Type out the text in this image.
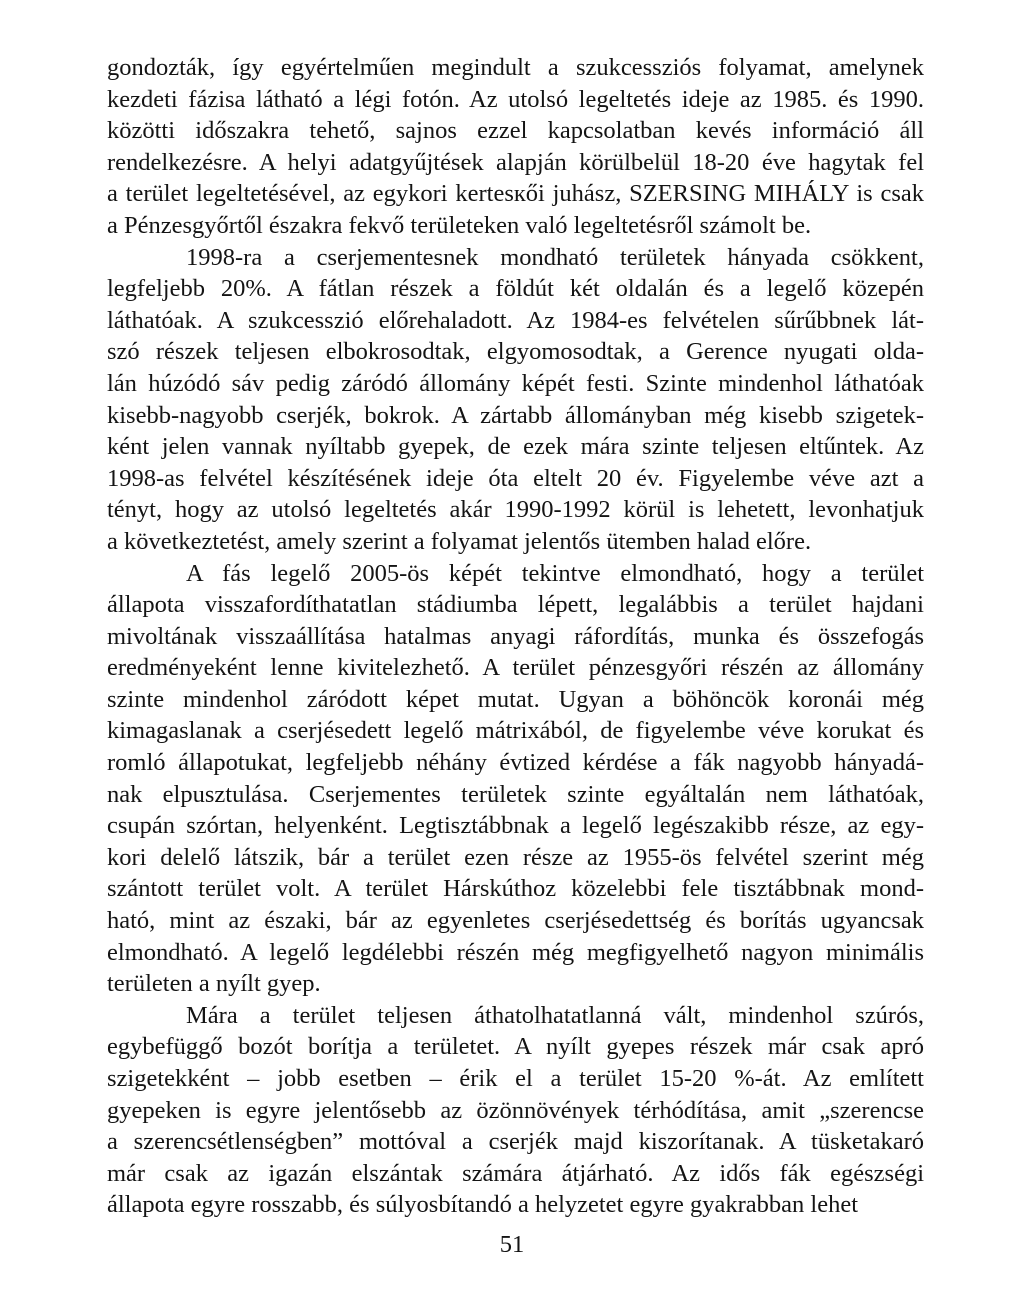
gondozták, így egyértelműen megindult a szukcessziós folyamat, amelynek
kezdeti fázisa látható a légi fotón. Az utolsó legeltetés ideje az 1985. és 1990.
közötti időszakra tehető, sajnos ezzel kapcsolatban kevés információ áll
rendelkezésre. A helyi adatgyűjtések alapján körülbelül 18-20 éve hagytak fel
a terület legeltetésével, az egykori kertesкői juhász, SZERSING MIHÁLY is csak
a Pénzesgyőrtől északra fekvő területeken való legeltetésről számolt be.

1998-ra a cserjementesnek mondható területek hányada csökkent,
legfeljebb 20%. A fátlan részek a földút két oldalán és a legelő közepén
láthatóak. A szukcesszió előrehaladott. Az 1984-es felvételen sűrűbbnek lát-
szó részek teljesen elbokrosodtak, elgyomosodtak, a Gerence nyugati olda-
lán húzódó sáv pedig záródó állomány képét festi. Szinte mindenhol láthatóak
kisebb-nagyobb cserjék, bokrok. A zártabb állományban még kisebb szigetek-
ként jelen vannak nyíltabb gyepek, de ezek mára szinte teljesen eltűntek. Az
1998-as felvétel készítésének ideje óta eltelt 20 év. Figyelembe véve azt a
tényt, hogy az utolsó legeltetés akár 1990-1992 körül is lehetett, levonhatjuk
a következtetést, amely szerint a folyamat jelentős ütemben halad előre.

A fás legelő 2005-ös képét tekintve elmondható, hogy a terület
állapota visszafordíthatatlan stádiumba lépett, legalábbis a terület hajdani
mivoltának visszaállítása hatalmas anyagi ráfordítás, munka és összefogás
eredményeként lenne kivitelezhető. A terület pénzesgyőri részén az állomány
szinte mindenhol záródott képet mutat. Ugyan a böhöncök koronái még
kimagaslanak a cserjésedett legelő mátrixából, de figyelembe véve korukat és
romló állapotukat, legfeljebb néhány évtized kérdése a fák nagyobb hányadá-
nak elpusztulása. Cserjementes területek szinte egyáltalán nem láthatóak,
csupán szórtan, helyenként. Legtisztábbnak a legelő legészakibb része, az egy-
kori delelő látszik, bár a terület ezen része az 1955-ös felvétel szerint még
szántott terület volt. A terület Hárskúthoz közelebbi fele tisztábbnak mond-
ható, mint az északi, bár az egyenletes cserjésedettség és borítás ugyancsak
elmondható. A legelő legdélebbi részén még megfigyelhető nagyon minimális
területen a nyílt gyep.

Mára a terület teljesen áthatolhatatlanná vált, mindenhol szúrós,
egybefüggő bozót borítja a területet. A nyílt gyepes részek már csak apró
szigetekként – jobb esetben – érik el a terület 15-20 %-át. Az említett
gyepeken is egyre jelentősebb az özönnövények térhódítása, amit „szerencse
a szerencsétlenségben” mottóval a cserjék majd kiszorítanak. A tüsketakaró
már csak az igazán elszántak számára átjárható. Az idős fák egészségi
állapota egyre rosszabb, és súlyosbítandó a helyzetet egyre gyakrabban lehet

51
